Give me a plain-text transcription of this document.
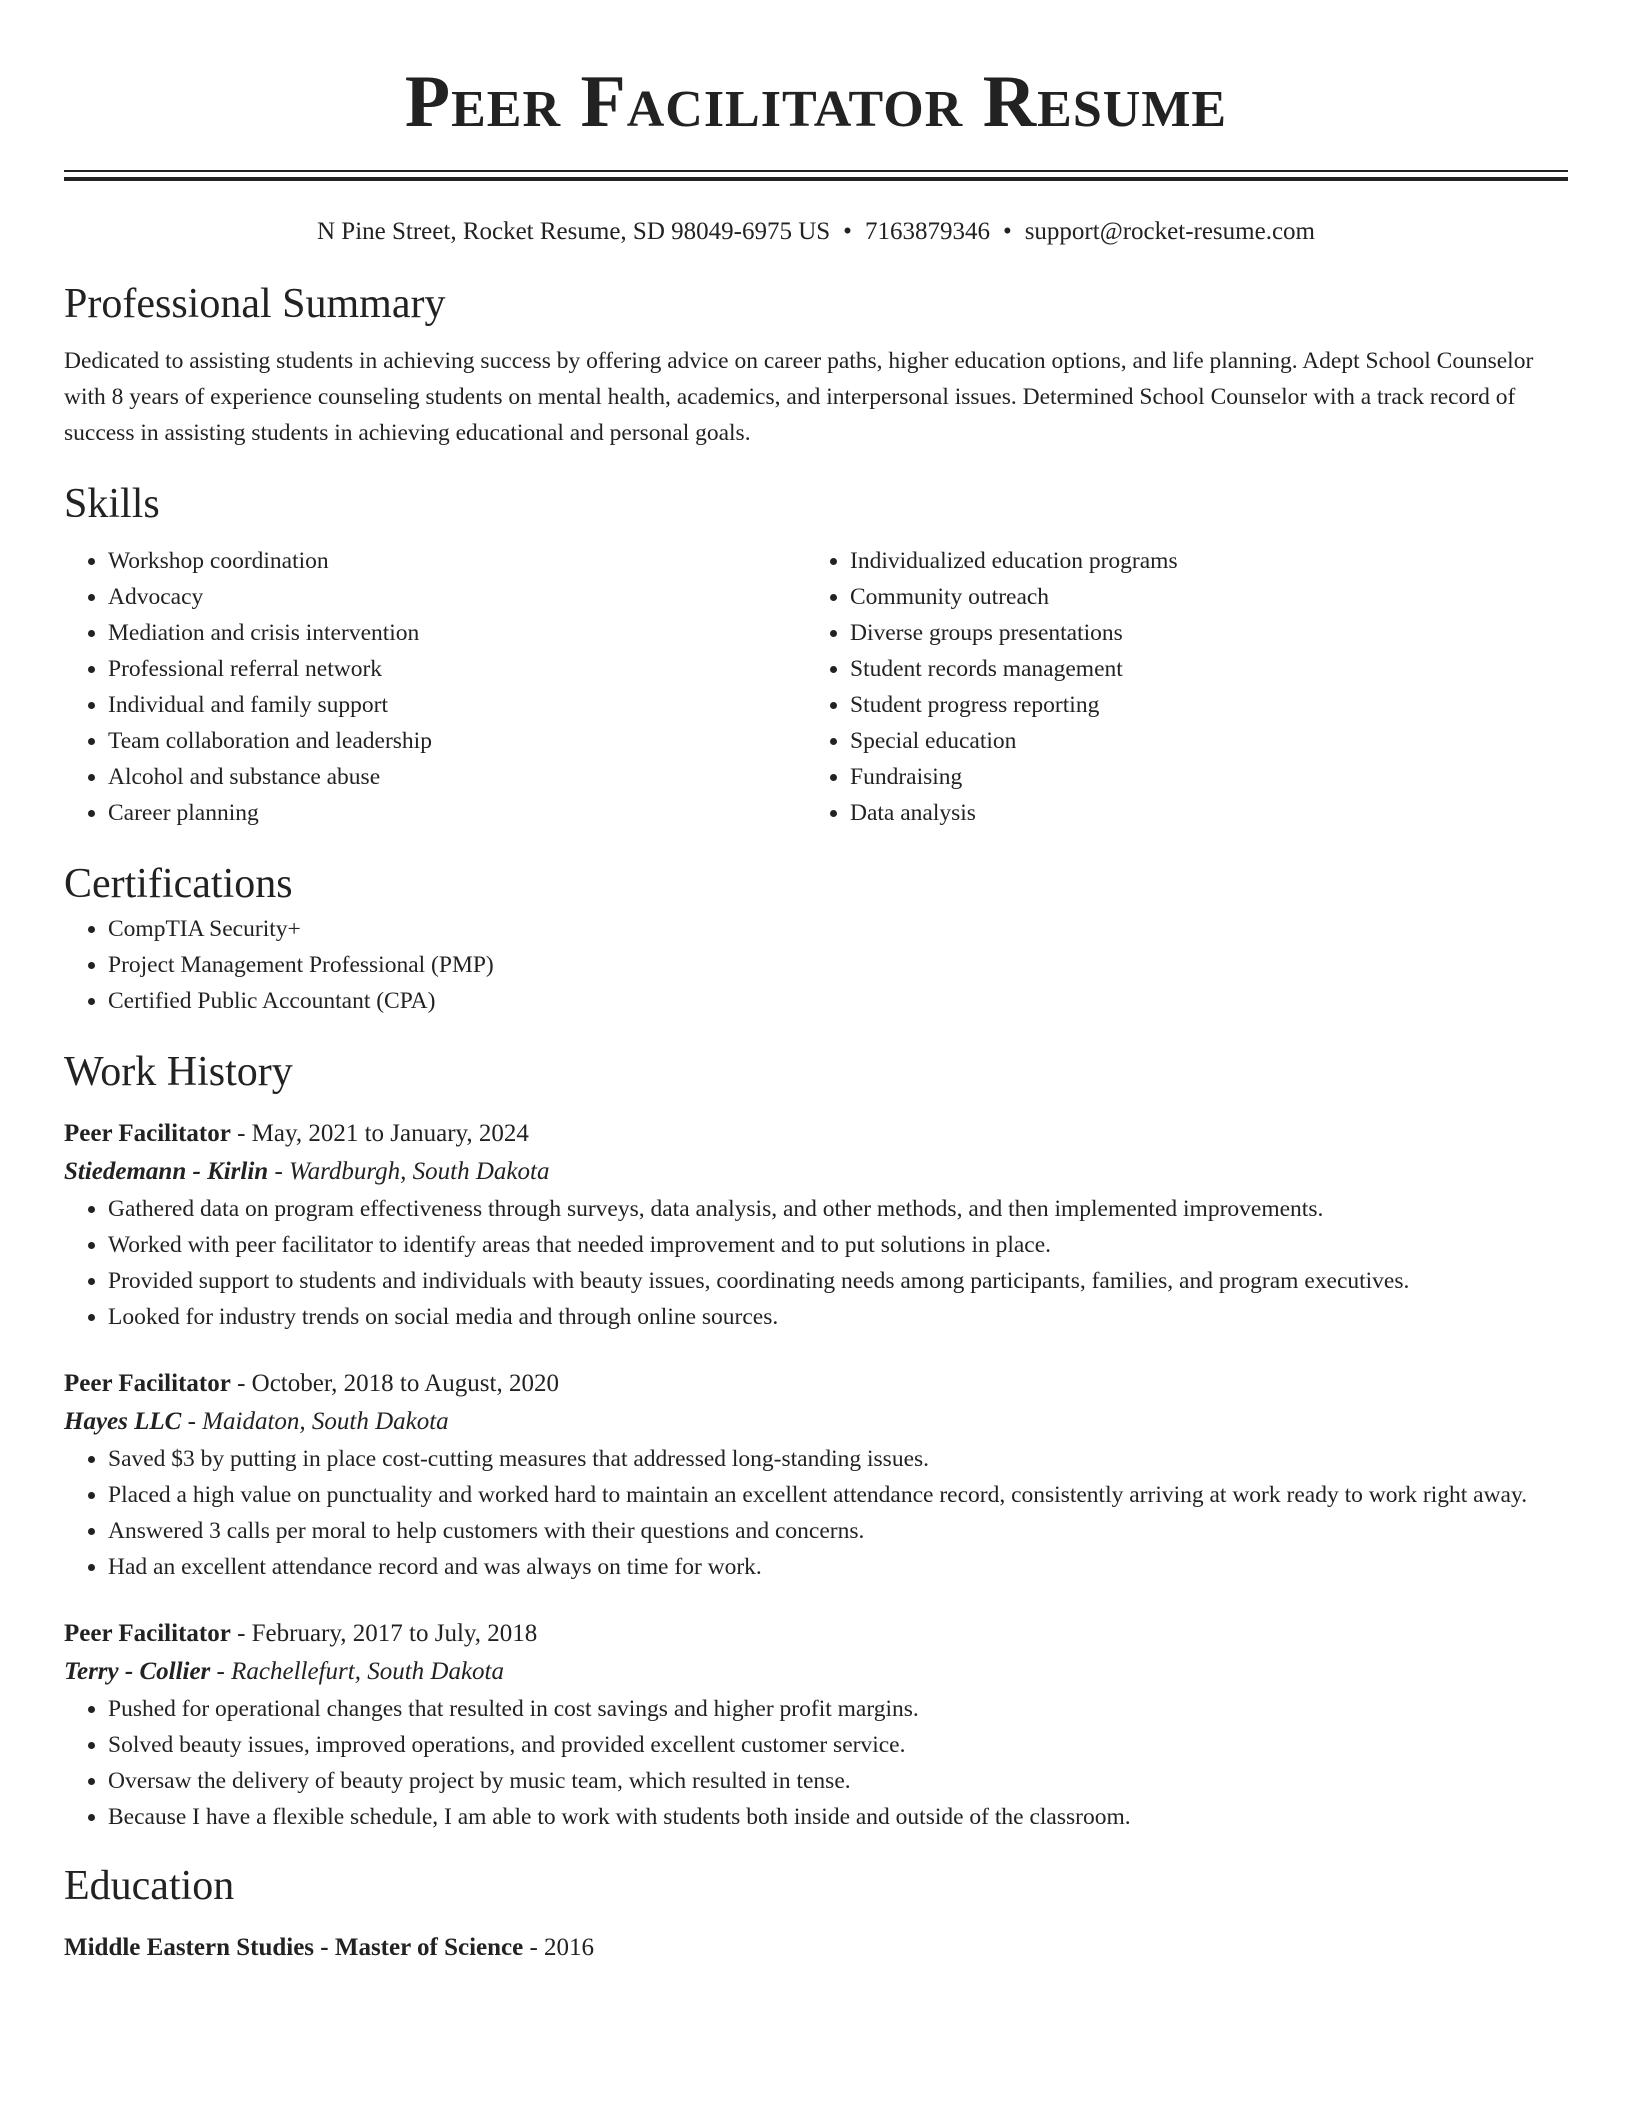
Peer Facilitator Resume
N Pine Street, Rocket Resume, SD 98049-6975 US • 7163879346 • support@rocket-resume.com
Professional Summary

Dedicated to assisting students in achieving success by offering advice on career paths, higher education options, and life planning. Adept School Counselor with 8 years of experience counseling students on mental health, academics, and interpersonal issues. Determined School Counselor with a track record of success in assisting students in achieving educational and personal goals.

Skills
• Workshop coordination
• Advocacy
• Mediation and crisis intervention
• Professional referral network
• Individual and family support
• Team collaboration and leadership
• Alcohol and substance abuse
• Career planning
• Individualized education programs
• Community outreach
• Diverse groups presentations
• Student records management
• Student progress reporting
• Special education
• Fundraising
• Data analysis
Certifications
• CompTIA Security+
• Project Management Professional (PMP)
• Certified Public Accountant (CPA)
Work History
Peer Facilitator - May, 2021 to January, 2024
Stiedemann - Kirlin - Wardburgh, South Dakota
• Gathered data on program effectiveness through surveys, data analysis, and other methods, and then implemented improvements.
• Worked with peer facilitator to identify areas that needed improvement and to put solutions in place.
• Provided support to students and individuals with beauty issues, coordinating needs among participants, families, and program executives.
• Looked for industry trends on social media and through online sources.
Peer Facilitator - October, 2018 to August, 2020
Hayes LLC - Maidaton, South Dakota
• Saved $3 by putting in place cost-cutting measures that addressed long-standing issues.
• Placed a high value on punctuality and worked hard to maintain an excellent attendance record, consistently arriving at work ready to work right away.
• Answered 3 calls per moral to help customers with their questions and concerns.
• Had an excellent attendance record and was always on time for work.
Peer Facilitator - February, 2017 to July, 2018
Terry - Collier - Rachellefurt, South Dakota
• Pushed for operational changes that resulted in cost savings and higher profit margins.
• Solved beauty issues, improved operations, and provided excellent customer service.
• Oversaw the delivery of beauty project by music team, which resulted in tense.
• Because I have a flexible schedule, I am able to work with students both inside and outside of the classroom.
Education
Middle Eastern Studies - Master of Science - 2016
